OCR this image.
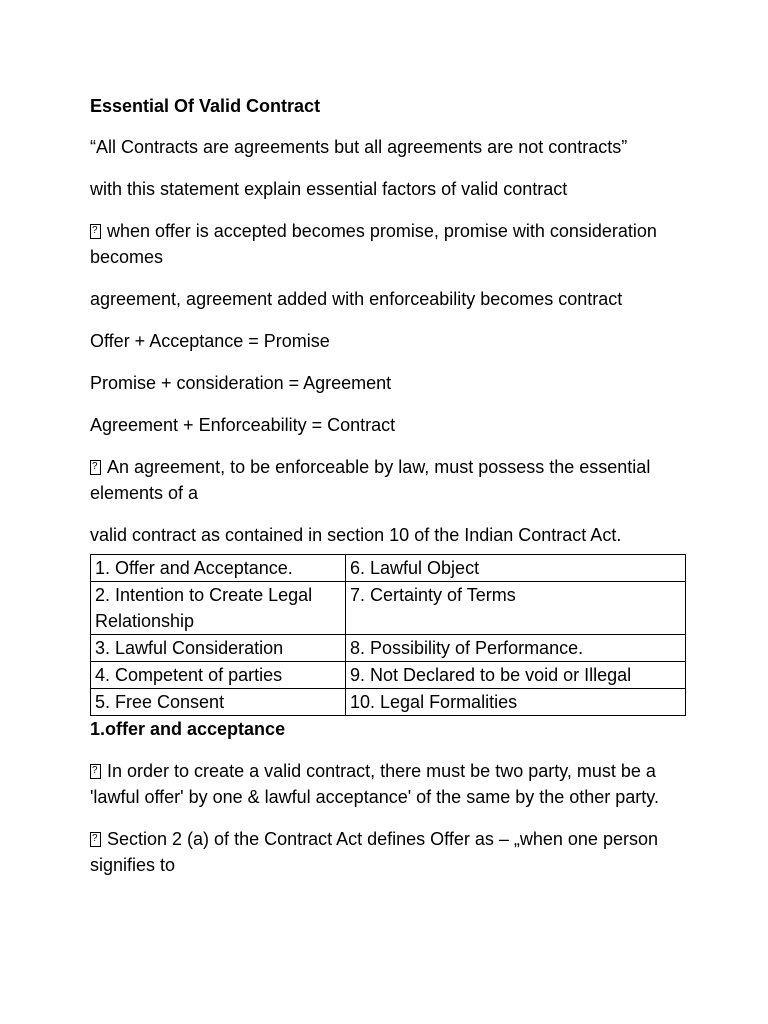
Essential Of Valid Contract
“All Contracts are agreements but all agreements are not contracts”
with this statement explain essential factors of valid contract
?when offer is accepted becomes promise, promise with consideration becomes
agreement, agreement added with enforceability becomes contract
Offer + Acceptance = Promise
Promise + consideration = Agreement
Agreement + Enforceability = Contract
?An agreement, to be enforceable by law, must possess the essential elements of a
valid contract as contained in section 10 of the Indian Contract Act.
1. Offer and Acceptance.	6. Lawful Object
2. Intention to Create Legal Relationship	7. Certainty of Terms
3. Lawful Consideration	8. Possibility of Performance.
4. Competent of parties	9. Not Declared to be void or Illegal
5. Free Consent	10. Legal Formalities
1.offer and acceptance
?In order to create a valid contract, there must be two party, must be a 'lawful offer' by one & lawful acceptance' of the same by the other party.
?Section 2 (a) of the Contract Act defines Offer as – „when one person signifies to
